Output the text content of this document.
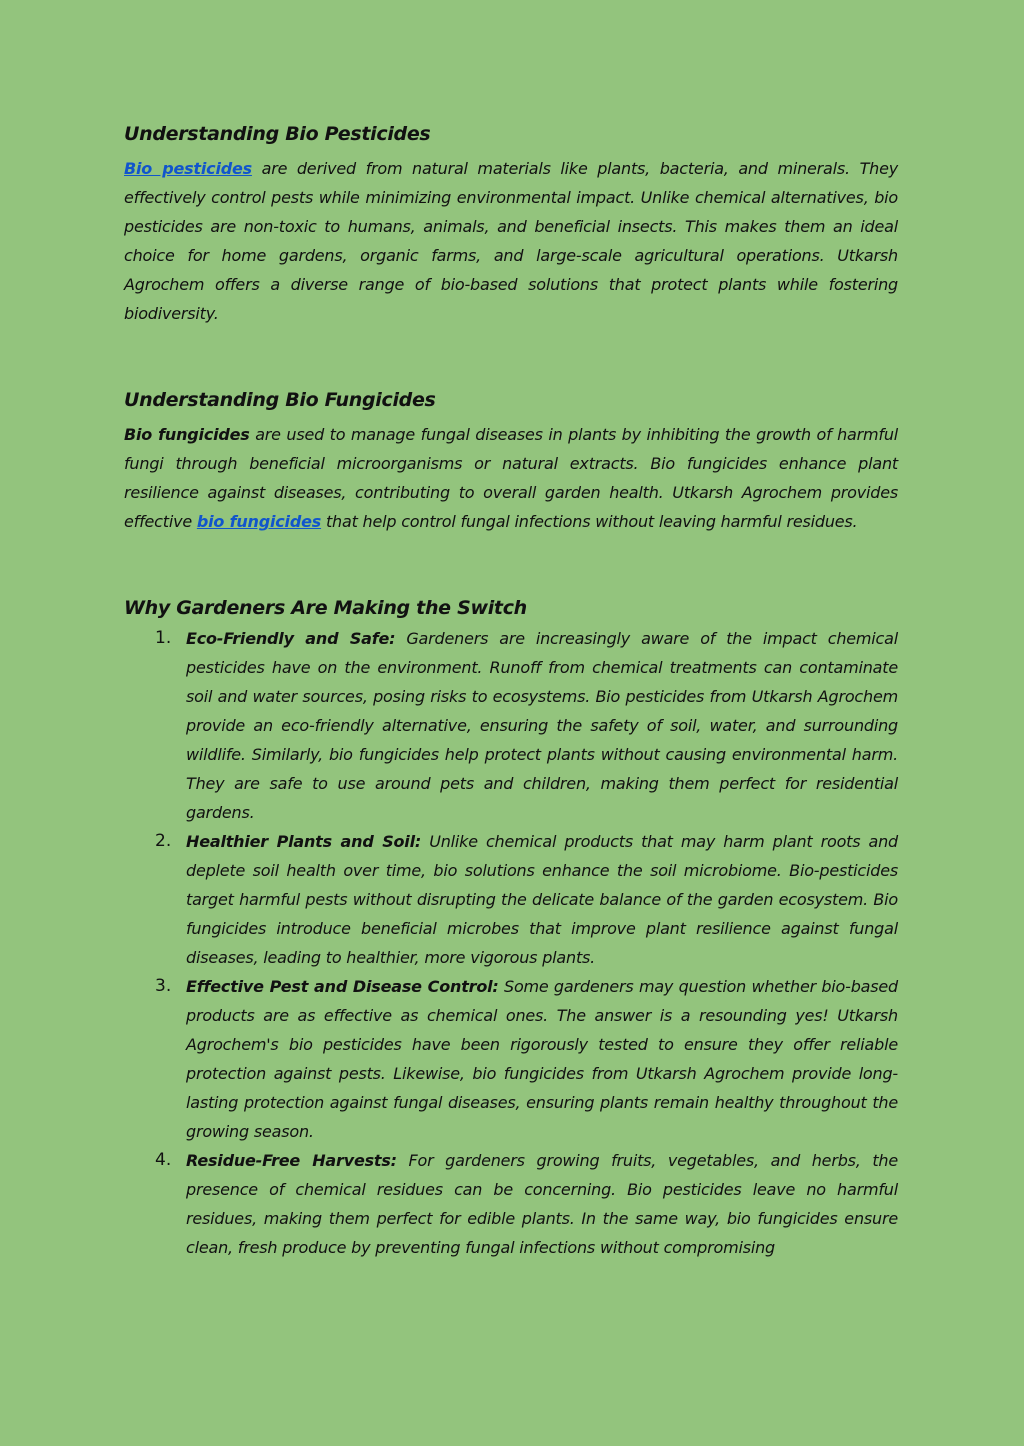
Understanding Bio Pesticides

Bio pesticides are derived from natural materials like plants, bacteria, and minerals. They effectively control pests while minimizing environmental impact. Unlike chemical alternatives, bio pesticides are non-toxic to humans, animals, and beneficial insects. This makes them an ideal choice for home gardens, organic farms, and large-scale agricultural operations. Utkarsh Agrochem offers a diverse range of bio-based solutions that protect plants while fostering biodiversity.

Understanding Bio Fungicides

Bio fungicides are used to manage fungal diseases in plants by inhibiting the growth of harmful fungi through beneficial microorganisms or natural extracts. Bio fungicides enhance plant resilience against diseases, contributing to overall garden health. Utkarsh Agrochem provides effective bio fungicides that help control fungal infections without leaving harmful residues.

Why Gardeners Are Making the Switch
1. Eco-Friendly and Safe: Gardeners are increasingly aware of the impact chemical pesticides have on the environment. Runoff from chemical treatments can contaminate soil and water sources, posing risks to ecosystems. Bio pesticides from Utkarsh Agrochem provide an eco-friendly alternative, ensuring the safety of soil, water, and surrounding wildlife. Similarly, bio fungicides help protect plants without causing environmental harm. They are safe to use around pets and children, making them perfect for residential gardens.
2. Healthier Plants and Soil: Unlike chemical products that may harm plant roots and deplete soil health over time, bio solutions enhance the soil microbiome. Bio-pesticides target harmful pests without disrupting the delicate balance of the garden ecosystem. Bio fungicides introduce beneficial microbes that improve plant resilience against fungal diseases, leading to healthier, more vigorous plants.
3. Effective Pest and Disease Control: Some gardeners may question whether bio-based products are as effective as chemical ones. The answer is a resounding yes! Utkarsh Agrochem's bio pesticides have been rigorously tested to ensure they offer reliable protection against pests. Likewise, bio fungicides from Utkarsh Agrochem provide long-lasting protection against fungal diseases, ensuring plants remain healthy throughout the growing season.
4. Residue-Free Harvests: For gardeners growing fruits, vegetables, and herbs, the presence of chemical residues can be concerning. Bio pesticides leave no harmful residues, making them perfect for edible plants. In the same way, bio fungicides ensure clean, fresh produce by preventing fungal infections without compromising
